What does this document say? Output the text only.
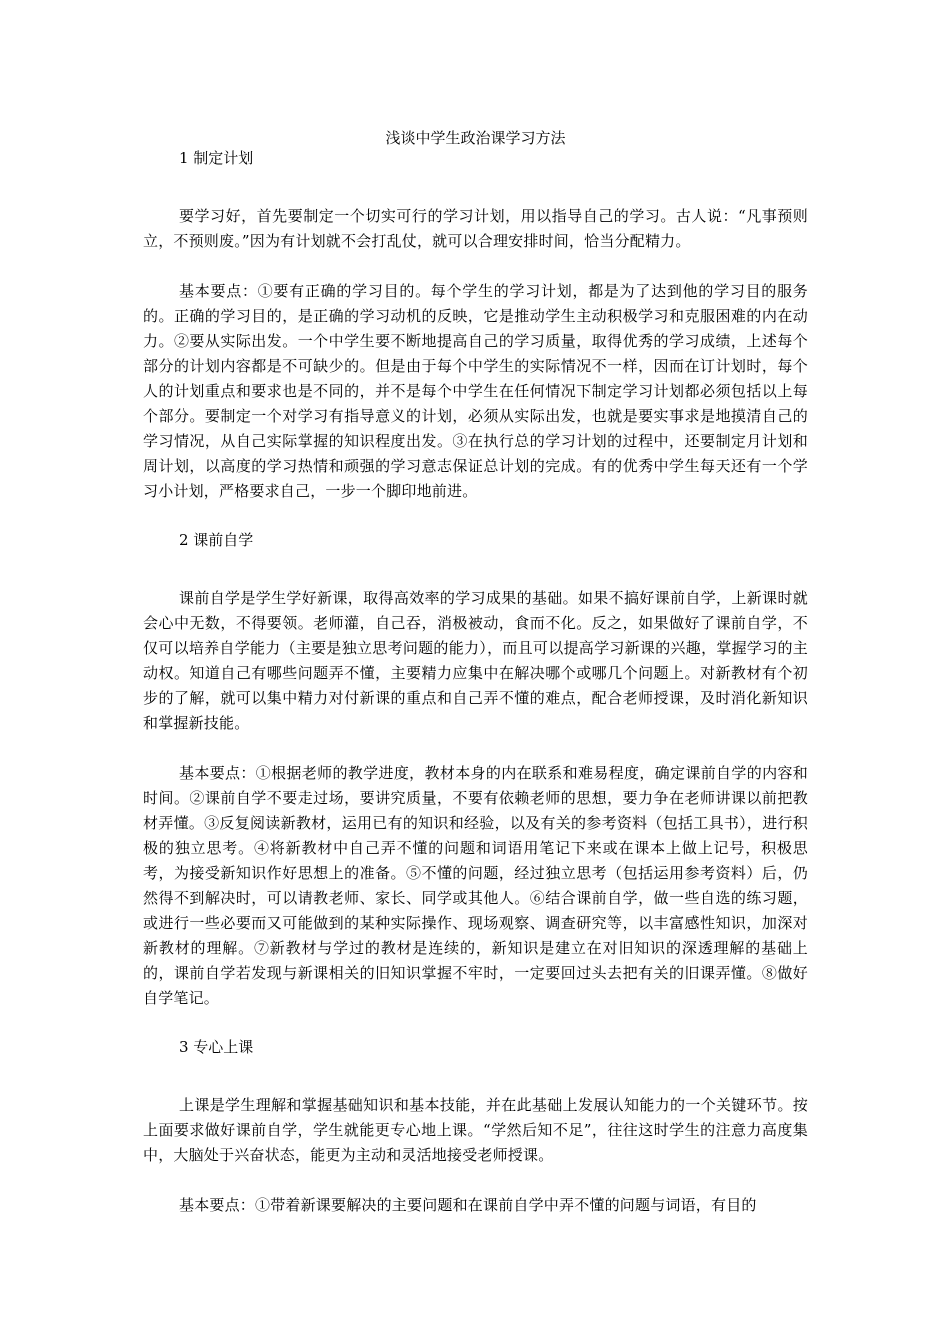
浅谈中学生政治课学习方法

1 制定计划

要学习好，首先要制定一个切实可行的学习计划，用以指导自己的学习。古人说：“凡事预则立，不预则废。”因为有计划就不会打乱仗，就可以合理安排时间，恰当分配精力。

基本要点：①要有正确的学习目的。每个学生的学习计划，都是为了达到他的学习目的服务的。正确的学习目的，是正确的学习动机的反映，它是推动学生主动积极学习和克服困难的内在动力。②要从实际出发。一个中学生要不断地提高自己的学习质量，取得优秀的学习成绩，上述每个部分的计划内容都是不可缺少的。但是由于每个中学生的实际情况不一样，因而在订计划时，每个人的计划重点和要求也是不同的，并不是每个中学生在任何情况下制定学习计划都必须包括以上每个部分。要制定一个对学习有指导意义的计划，必须从实际出发，也就是要实事求是地摸清自己的学习情况，从自己实际掌握的知识程度出发。③在执行总的学习计划的过程中，还要制定月计划和周计划，以高度的学习热情和顽强的学习意志保证总计划的完成。有的优秀中学生每天还有一个学习小计划，严格要求自己，一步一个脚印地前进。

2 课前自学

课前自学是学生学好新课，取得高效率的学习成果的基础。如果不搞好课前自学，上新课时就会心中无数，不得要领。老师灌，自己吞，消极被动，食而不化。反之，如果做好了课前自学，不仅可以培养自学能力（主要是独立思考问题的能力），而且可以提高学习新课的兴趣，掌握学习的主动权。知道自己有哪些问题弄不懂，主要精力应集中在解决哪个或哪几个问题上。对新教材有个初步的了解，就可以集中精力对付新课的重点和自己弄不懂的难点，配合老师授课，及时消化新知识和掌握新技能。

基本要点：①根据老师的教学进度，教材本身的内在联系和难易程度，确定课前自学的内容和时间。②课前自学不要走过场，要讲究质量，不要有依赖老师的思想，要力争在老师讲课以前把教材弄懂。③反复阅读新教材，运用已有的知识和经验，以及有关的参考资料（包括工具书），进行积极的独立思考。④将新教材中自己弄不懂的问题和词语用笔记下来或在课本上做上记号，积极思考，为接受新知识作好思想上的准备。⑤不懂的问题，经过独立思考（包括运用参考资料）后，仍然得不到解决时，可以请教老师、家长、同学或其他人。⑥结合课前自学，做一些自选的练习题，或进行一些必要而又可能做到的某种实际操作、现场观察、调查研究等，以丰富感性知识，加深对新教材的理解。⑦新教材与学过的教材是连续的，新知识是建立在对旧知识的深透理解的基础上的，课前自学若发现与新课相关的旧知识掌握不牢时，一定要回过头去把有关的旧课弄懂。⑧做好自学笔记。

3 专心上课

上课是学生理解和掌握基础知识和基本技能，并在此基础上发展认知能力的一个关键环节。按上面要求做好课前自学，学生就能更专心地上课。“学然后知不足”，往往这时学生的注意力高度集中，大脑处于兴奋状态，能更为主动和灵活地接受老师授课。

基本要点：①带着新课要解决的主要问题和在课前自学中弄不懂的问题与词语，有目的
